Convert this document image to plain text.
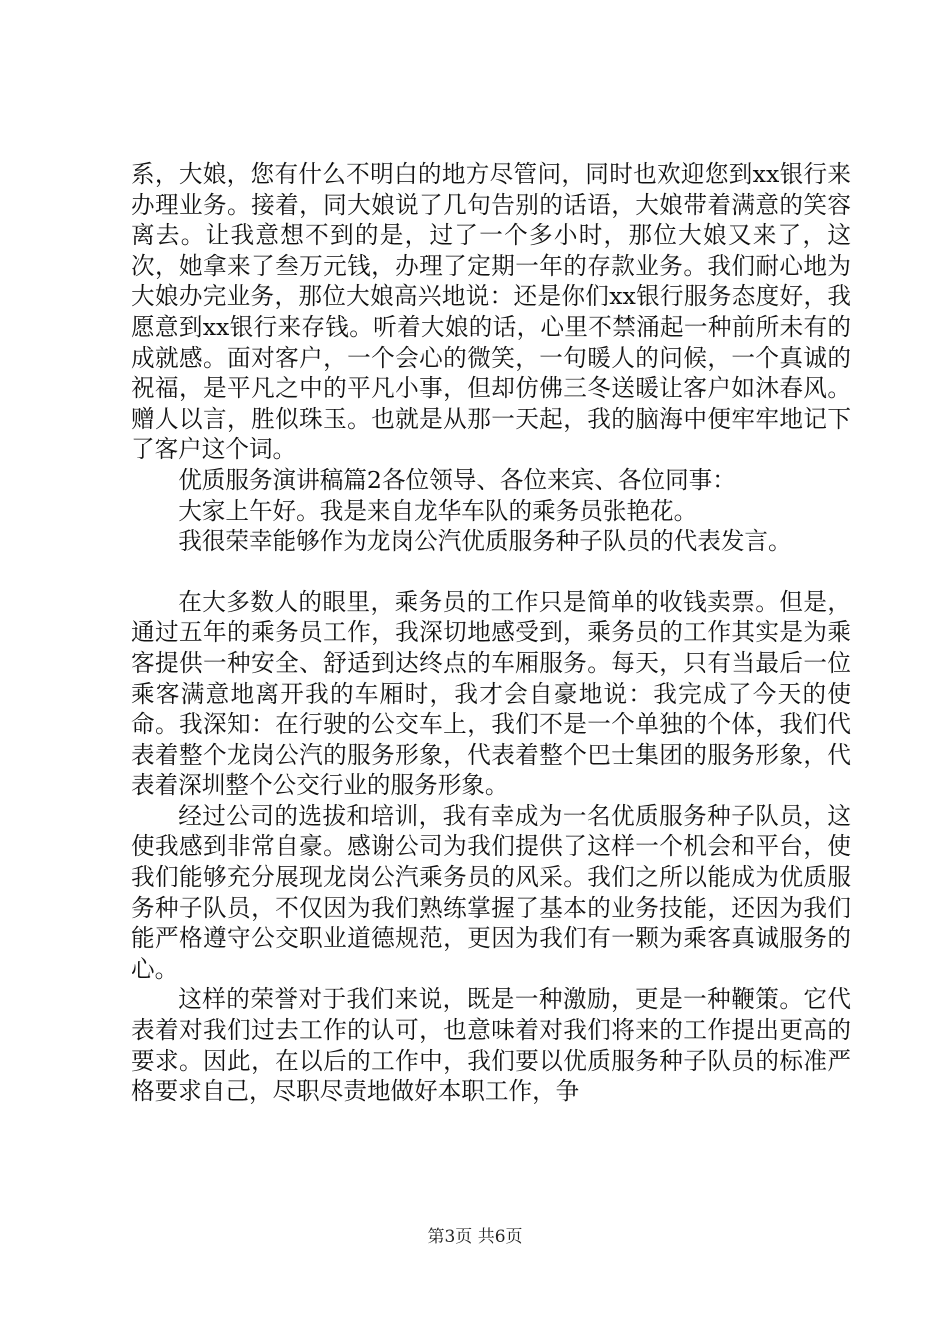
系，大娘，您有什么不明白的地方尽管问，同时也欢迎您到xx银行来办理业务。接着，同大娘说了几句告别的话语，大娘带着满意的笑容离去。让我意想不到的是，过了一个多小时，那位大娘又来了，这次，她拿来了叁万元钱，办理了定期一年的存款业务。我们耐心地为大娘办完业务，那位大娘高兴地说：还是你们xx银行服务态度好，我愿意到xx银行来存钱。听着大娘的话，心里不禁涌起一种前所未有的成就感。面对客户，一个会心的微笑，一句暖人的问候，一个真诚的祝福，是平凡之中的平凡小事，但却仿佛三冬送暖让客户如沐春风。赠人以言，胜似珠玉。也就是从那一天起，我的脑海中便牢牢地记下了客户这个词。

优质服务演讲稿篇2各位领导、各位来宾、各位同事：

大家上午好。我是来自龙华车队的乘务员张艳花。

我很荣幸能够作为龙岗公汽优质服务种子队员的代表发言。

在大多数人的眼里，乘务员的工作只是简单的收钱卖票。但是，通过五年的乘务员工作，我深切地感受到，乘务员的工作其实是为乘客提供一种安全、舒适到达终点的车厢服务。每天，只有当最后一位乘客满意地离开我的车厢时，我才会自豪地说：我完成了今天的使命。我深知：在行驶的公交车上，我们不是一个单独的个体，我们代表着整个龙岗公汽的服务形象，代表着整个巴士集团的服务形象，代表着深圳整个公交行业的服务形象。

经过公司的选拔和培训，我有幸成为一名优质服务种子队员，这使我感到非常自豪。感谢公司为我们提供了这样一个机会和平台，使我们能够充分展现龙岗公汽乘务员的风采。我们之所以能成为优质服务种子队员，不仅因为我们熟练掌握了基本的业务技能，还因为我们能严格遵守公交职业道德规范，更因为我们有一颗为乘客真诚服务的心。

这样的荣誉对于我们来说，既是一种激励，更是一种鞭策。它代表着对我们过去工作的认可，也意味着对我们将来的工作提出更高的要求。因此，在以后的工作中，我们要以优质服务种子队员的标准严格要求自己，尽职尽责地做好本职工作，争

第3页 共6页
